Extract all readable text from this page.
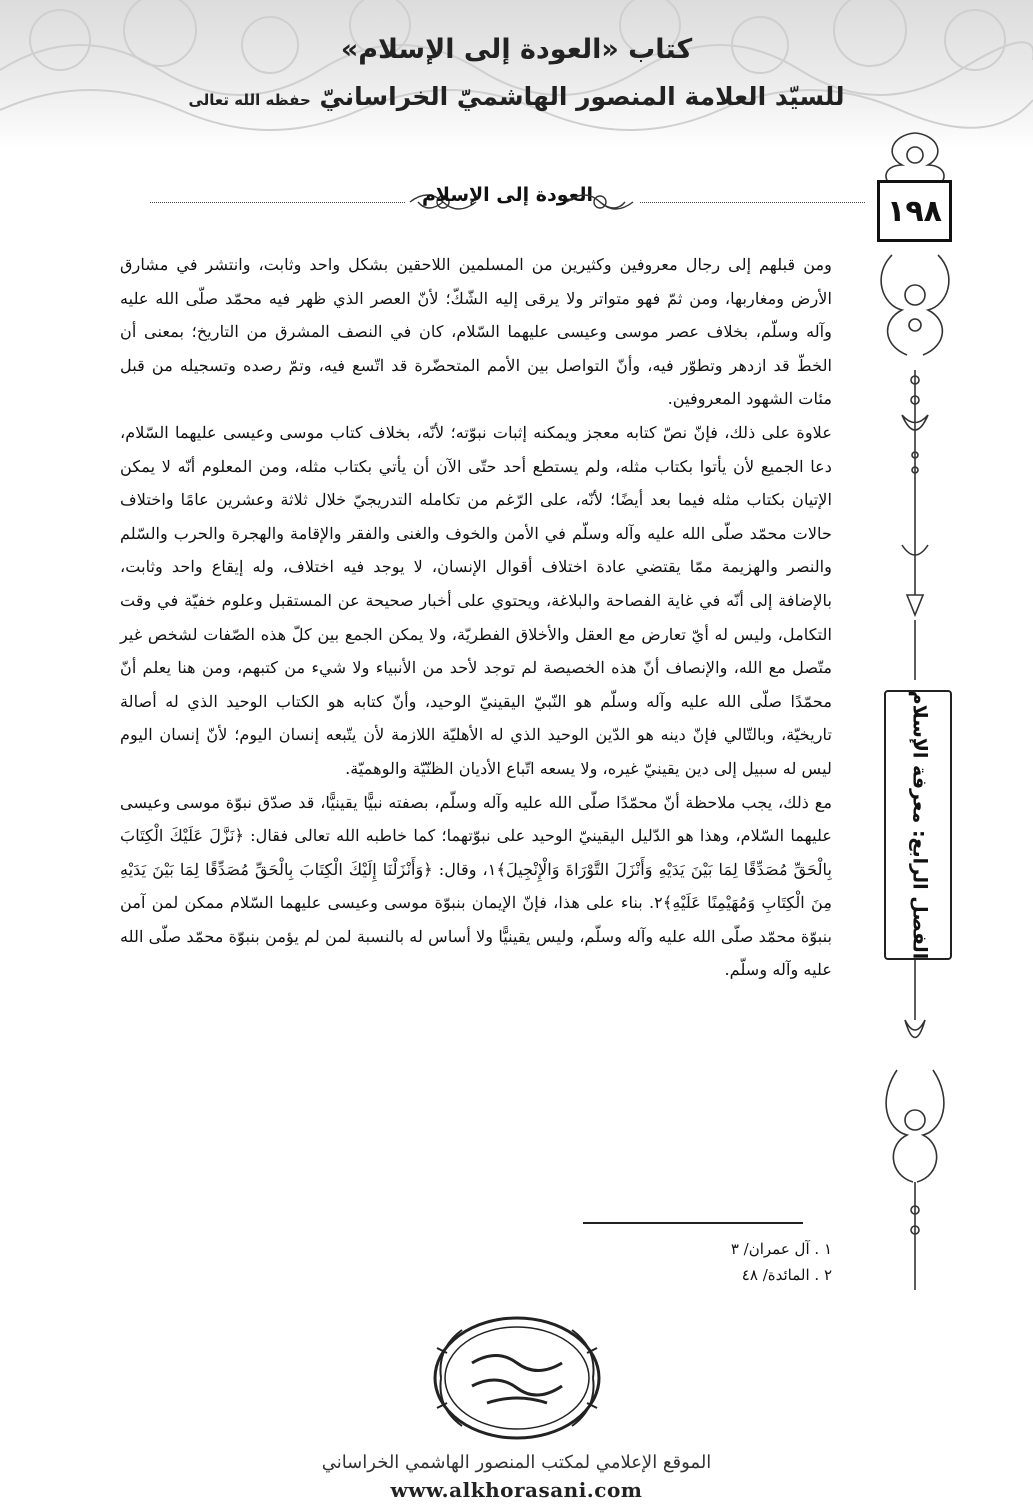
كتاب «العودة إلى الإسلام»
للسيّد العلامة المنصور الهاشميّ الخراسانيّ حفظه الله تعالى
١٩٨
العودة إلى الإسلام
الفصل الرابع: معرفة الإسلام
ومن قبلهم إلى رجال معروفين وكثيرين من المسلمين اللاحقين بشكل واحد وثابت، وانتشر في مشارق الأرض ومغاربها، ومن ثمّ فهو متواتر ولا يرقى إليه الشّكّ؛ لأنّ العصر الذي ظهر فيه محمّد صلّى الله عليه وآله وسلّم، بخلاف عصر موسى وعيسى عليهما السّلام، كان في النصف المشرق من التاريخ؛ بمعنى أن الخطّ قد ازدهر وتطوّر فيه، وأنّ التواصل بين الأمم المتحضّرة قد اتّسع فيه، وتمّ رصده وتسجيله من قبل مئات الشهود المعروفين.
علاوة على ذلك، فإنّ نصّ كتابه معجز ويمكنه إثبات نبوّته؛ لأنّه، بخلاف كتاب موسى وعيسى عليهما السّلام، دعا الجميع لأن يأتوا بكتاب مثله، ولم يستطع أحد حتّى الآن أن يأتي بكتاب مثله، ومن المعلوم أنّه لا يمكن الإتيان بكتاب مثله فيما بعد أيضًا؛ لأنّه، على الرّغم من تكامله التدريجيّ خلال ثلاثة وعشرين عامًا واختلاف حالات محمّد صلّى الله عليه وآله وسلّم في الأمن والخوف والغنى والفقر والإقامة والهجرة والحرب والسّلم والنصر والهزيمة ممّا يقتضي عادة اختلاف أقوال الإنسان، لا يوجد فيه اختلاف، وله إيقاع واحد وثابت، بالإضافة إلى أنّه في غاية الفصاحة والبلاغة، ويحتوي على أخبار صحيحة عن المستقبل وعلوم خفيّة في وقت التكامل، وليس له أيّ تعارض مع العقل والأخلاق الفطريّة، ولا يمكن الجمع بين كلّ هذه الصّفات لشخص غير متّصل مع الله، والإنصاف أنّ هذه الخصيصة لم توجد لأحد من الأنبياء ولا شيء من كتبهم، ومن هنا يعلم أنّ محمّدًا صلّى الله عليه وآله وسلّم هو النّبيّ اليقينيّ الوحيد، وأنّ كتابه هو الكتاب الوحيد الذي له أصالة تاريخيّة، وبالتّالي فإنّ دينه هو الدّين الوحيد الذي له الأهليّة اللازمة لأن يتّبعه إنسان اليوم؛ لأنّ إنسان اليوم ليس له سبيل إلى دين يقينيّ غيره، ولا يسعه اتّباع الأديان الظنّيّة والوهميّة.
مع ذلك، يجب ملاحظة أنّ محمّدًا صلّى الله عليه وآله وسلّم، بصفته نبيًّا يقينيًّا، قد صدّق نبوّة موسى وعيسى عليهما السّلام، وهذا هو الدّليل اليقينيّ الوحيد على نبوّتهما؛ كما خاطبه الله تعالى فقال: ﴿نَزَّلَ عَلَيْكَ الْكِتَابَ بِالْحَقِّ مُصَدِّقًا لِمَا بَيْنَ يَدَيْهِ وَأَنْزَلَ التَّوْرَاةَ وَالْإِنْجِيلَ﴾١، وقال: ﴿وَأَنْزَلْنَا إِلَيْكَ الْكِتَابَ بِالْحَقِّ مُصَدِّقًا لِمَا بَيْنَ يَدَيْهِ مِنَ الْكِتَابِ وَمُهَيْمِنًا عَلَيْهِ﴾٢. بناء على هذا، فإنّ الإيمان بنبوّة موسى وعيسى عليهما السّلام ممكن لمن آمن بنبوّة محمّد صلّى الله عليه وآله وسلّم، وليس يقينيًّا ولا أساس له بالنسبة لمن لم يؤمن بنبوّة محمّد صلّى الله عليه وآله وسلّم.
١ . آل عمران/ ٣
٢ . المائدة/ ٤٨
الموقع الإعلامي لمكتب المنصور الهاشمي الخراساني
www.alkhorasani.com
